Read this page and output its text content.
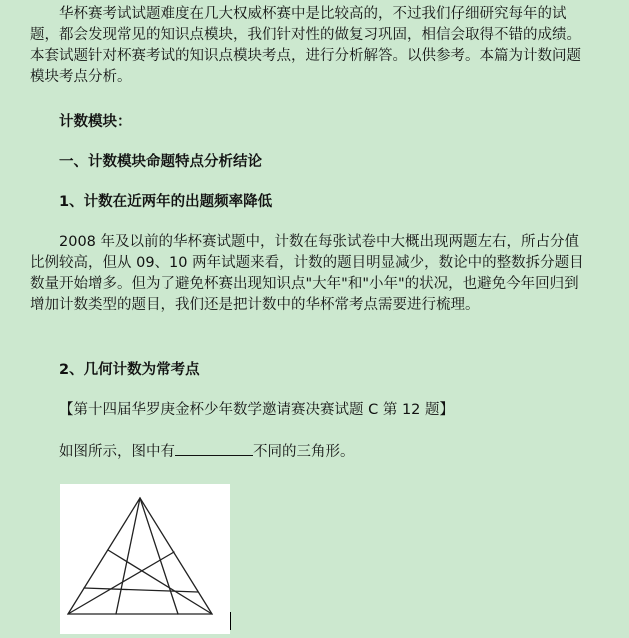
华杯赛考试试题难度在几大权威杯赛中是比较高的，不过我们仔细研究每年的试题，都会发现常见的知识点模块，我们针对性的做复习巩固，相信会取得不错的成绩。本套试题针对杯赛考试的知识点模块考点，进行分析解答。以供参考。本篇为计数问题模块考点分析。

计数模块：

一、计数模块命题特点分析结论

1、计数在近两年的出题频率降低

2008 年及以前的华杯赛试题中，计数在每张试卷中大概出现两题左右，所占分值比例较高，但从 09、10 两年试题来看，计数的题目明显减少，数论中的整数拆分题目数量开始增多。但为了避免杯赛出现知识点"大年"和"小年"的状况，也避免今年回归到增加计数类型的题目，我们还是把计数中的华杯常考点需要进行梳理。

2、几何计数为常考点

【第十四届华罗庚金杯少年数学邀请赛决赛试题 C 第 12 题】

如图所示，图中有	不同的三角形。
